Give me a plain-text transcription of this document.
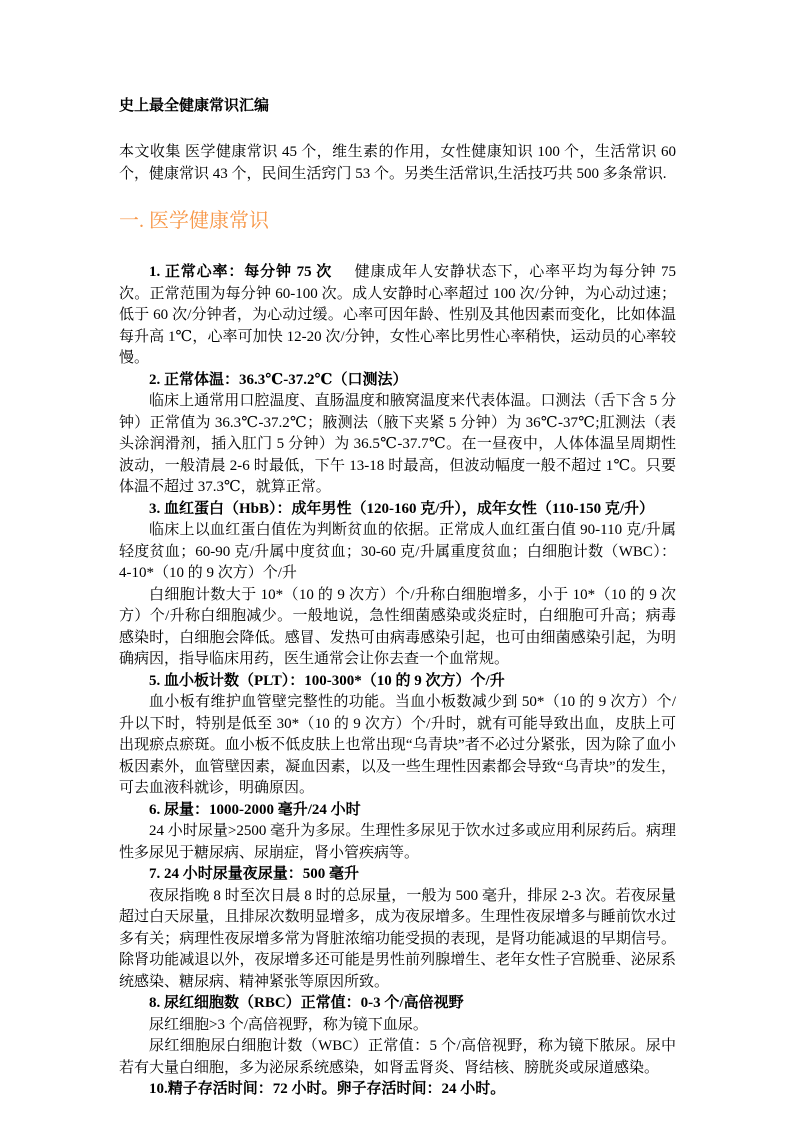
史上最全健康常识汇编

本文收集 医学健康常识 45 个，维生素的作用，女性健康知识 100 个，生活常识 60 个，健康常识 43 个，民间生活窍门 53 个。另类生活常识,生活技巧共 500 多条常识.

一. 医学健康常识

1. 正常心率：每分钟 75 次 健康成年人安静状态下，心率平均为每分钟 75 次。正常范围为每分钟 60-100 次。成人安静时心率超过 100 次/分钟，为心动过速；低于 60 次/分钟者，为心动过缓。心率可因年龄、性别及其他因素而变化，比如体温每升高 1℃，心率可加快 12-20 次/分钟，女性心率比男性心率稍快，运动员的心率较慢。

2. 正常体温：36.3℃-37.2℃（口测法）

临床上通常用口腔温度、直肠温度和腋窝温度来代表体温。口测法（舌下含 5 分钟）正常值为 36.3℃-37.2℃；腋测法（腋下夹紧 5 分钟）为 36℃-37℃;肛测法（表头涂润滑剂，插入肛门 5 分钟）为 36.5℃-37.7℃。在一昼夜中，人体体温呈周期性波动，一般清晨 2-6 时最低，下午 13-18 时最高，但波动幅度一般不超过 1℃。只要体温不超过 37.3℃，就算正常。

3. 血红蛋白（HbB）：成年男性（120-160 克/升），成年女性（110-150 克/升）

临床上以血红蛋白值佐为判断贫血的依据。正常成人血红蛋白值 90-110 克/升属轻度贫血；60-90 克/升属中度贫血；30-60 克/升属重度贫血；白细胞计数（WBC）：4-10*（10 的 9 次方）个/升

白细胞计数大于 10*（10 的 9 次方）个/升称白细胞增多，小于 10*（10 的 9 次方）个/升称白细胞减少。一般地说，急性细菌感染或炎症时，白细胞可升高；病毒感染时，白细胞会降低。感冒、发热可由病毒感染引起，也可由细菌感染引起，为明确病因，指导临床用药，医生通常会让你去查一个血常规。

5. 血小板计数（PLT）：100-300*（10 的 9 次方）个/升

血小板有维护血管壁完整性的功能。当血小板数减少到 50*（10 的 9 次方）个/升以下时，特别是低至 30*（10 的 9 次方）个/升时，就有可能导致出血，皮肤上可出现瘀点瘀斑。血小板不低皮肤上也常出现“乌青块”者不必过分紧张，因为除了血小板因素外，血管壁因素，凝血因素，以及一些生理性因素都会导致“乌青块”的发生，可去血液科就诊，明确原因。

6. 尿量：1000-2000 毫升/24 小时

24 小时尿量>2500 毫升为多尿。生理性多尿见于饮水过多或应用利尿药后。病理性多尿见于糖尿病、尿崩症，肾小管疾病等。

7. 24 小时尿量夜尿量：500 毫升

夜尿指晚 8 时至次日晨 8 时的总尿量，一般为 500 毫升，排尿 2-3 次。若夜尿量超过白天尿量，且排尿次数明显增多，成为夜尿增多。生理性夜尿增多与睡前饮水过多有关；病理性夜尿增多常为肾脏浓缩功能受损的表现，是肾功能减退的早期信号。除肾功能减退以外，夜尿增多还可能是男性前列腺增生、老年女性子宫脱垂、泌尿系统感染、糖尿病、精神紧张等原因所致。

8. 尿红细胞数（RBC）正常值：0-3 个/高倍视野

尿红细胞>3 个/高倍视野，称为镜下血尿。

尿红细胞尿白细胞计数（WBC）正常值：5 个/高倍视野，称为镜下脓尿。尿中若有大量白细胞，多为泌尿系统感染，如肾盂肾炎、肾结核、膀胱炎或尿道感染。

10.精子存活时间：72 小时。卵子存活时间：24 小时。
